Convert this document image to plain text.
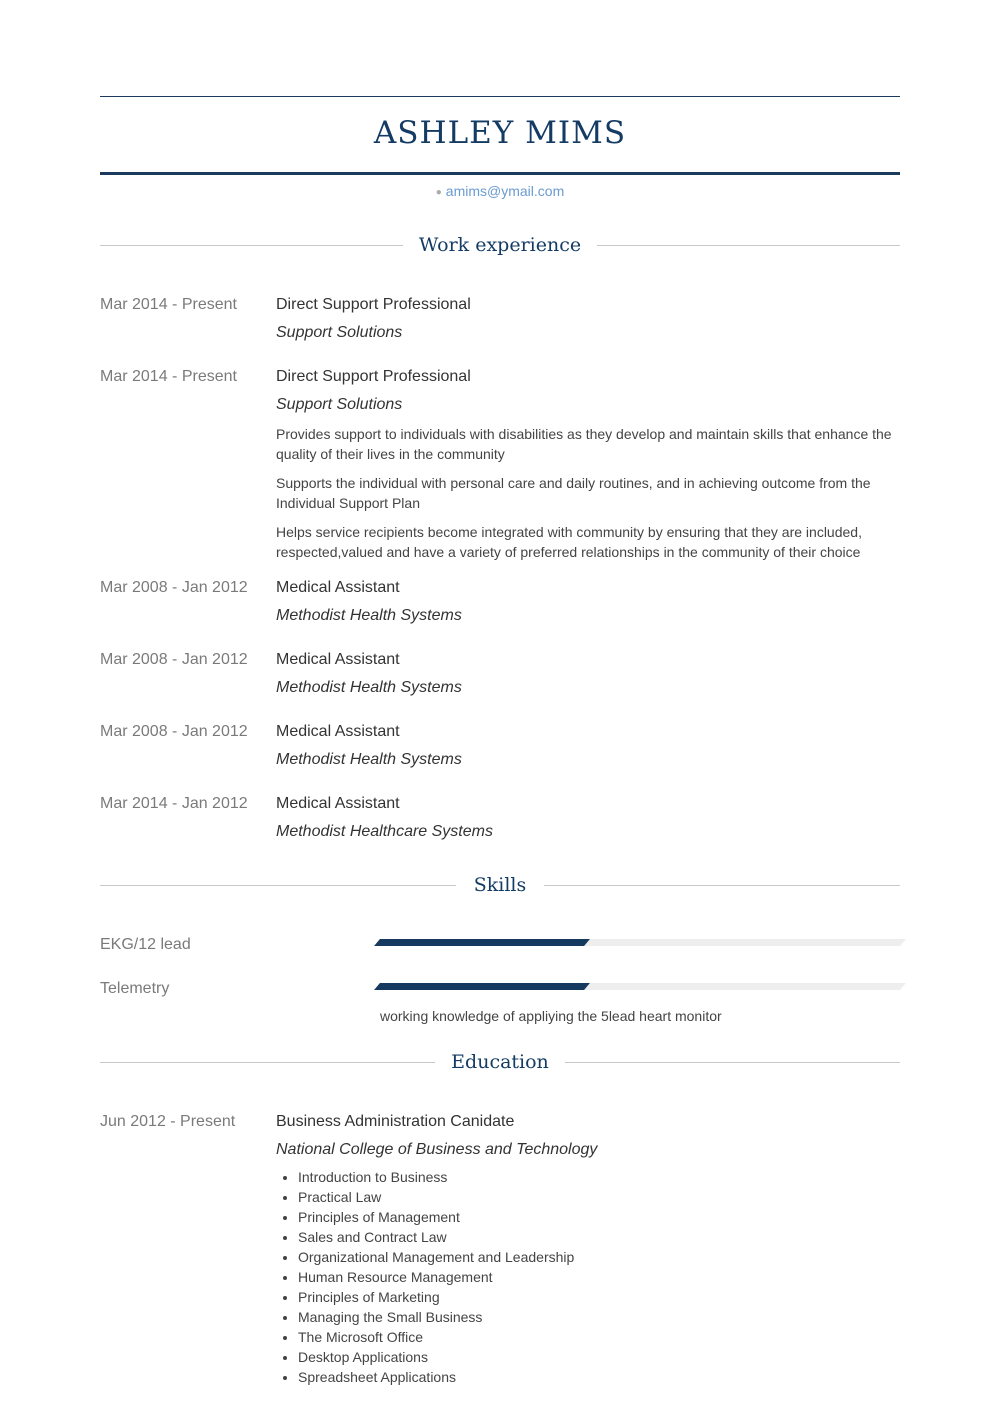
ASHLEY MIMS
● amims@ymail.com
Work experience
Mar 2014 - Present	Direct Support Professional
Support Solutions
Mar 2014 - Present	Direct Support Professional
Support Solutions
Provides support to individuals with disabilities as they develop and maintain skills that enhance the quality of their lives in the community
Supports the individual with personal care and daily routines, and in achieving outcome from the Individual Support Plan
Helps service recipients become integrated with community by ensuring that they are included, respected,valued and have a variety of preferred relationships in the community of their choice
Mar 2008 - Jan 2012	Medical Assistant
Methodist Health Systems
Mar 2008 - Jan 2012	Medical Assistant
Methodist Health Systems
Mar 2008 - Jan 2012	Medical Assistant
Methodist Health Systems
Mar 2014 - Jan 2012	Medical Assistant
Methodist Healthcare Systems
Skills
EKG/12 lead
Telemetry
working knowledge of appliying the 5lead heart monitor
Education
Jun 2012 - Present	Business Administration Canidate
National College of Business and Technology
• Introduction to Business
• Practical Law
• Principles of Management
• Sales and Contract Law
• Organizational Management and Leadership
• Human Resource Management
• Principles of Marketing
• Managing the Small Business
• The Microsoft Office
• Desktop Applications
• Spreadsheet Applications
